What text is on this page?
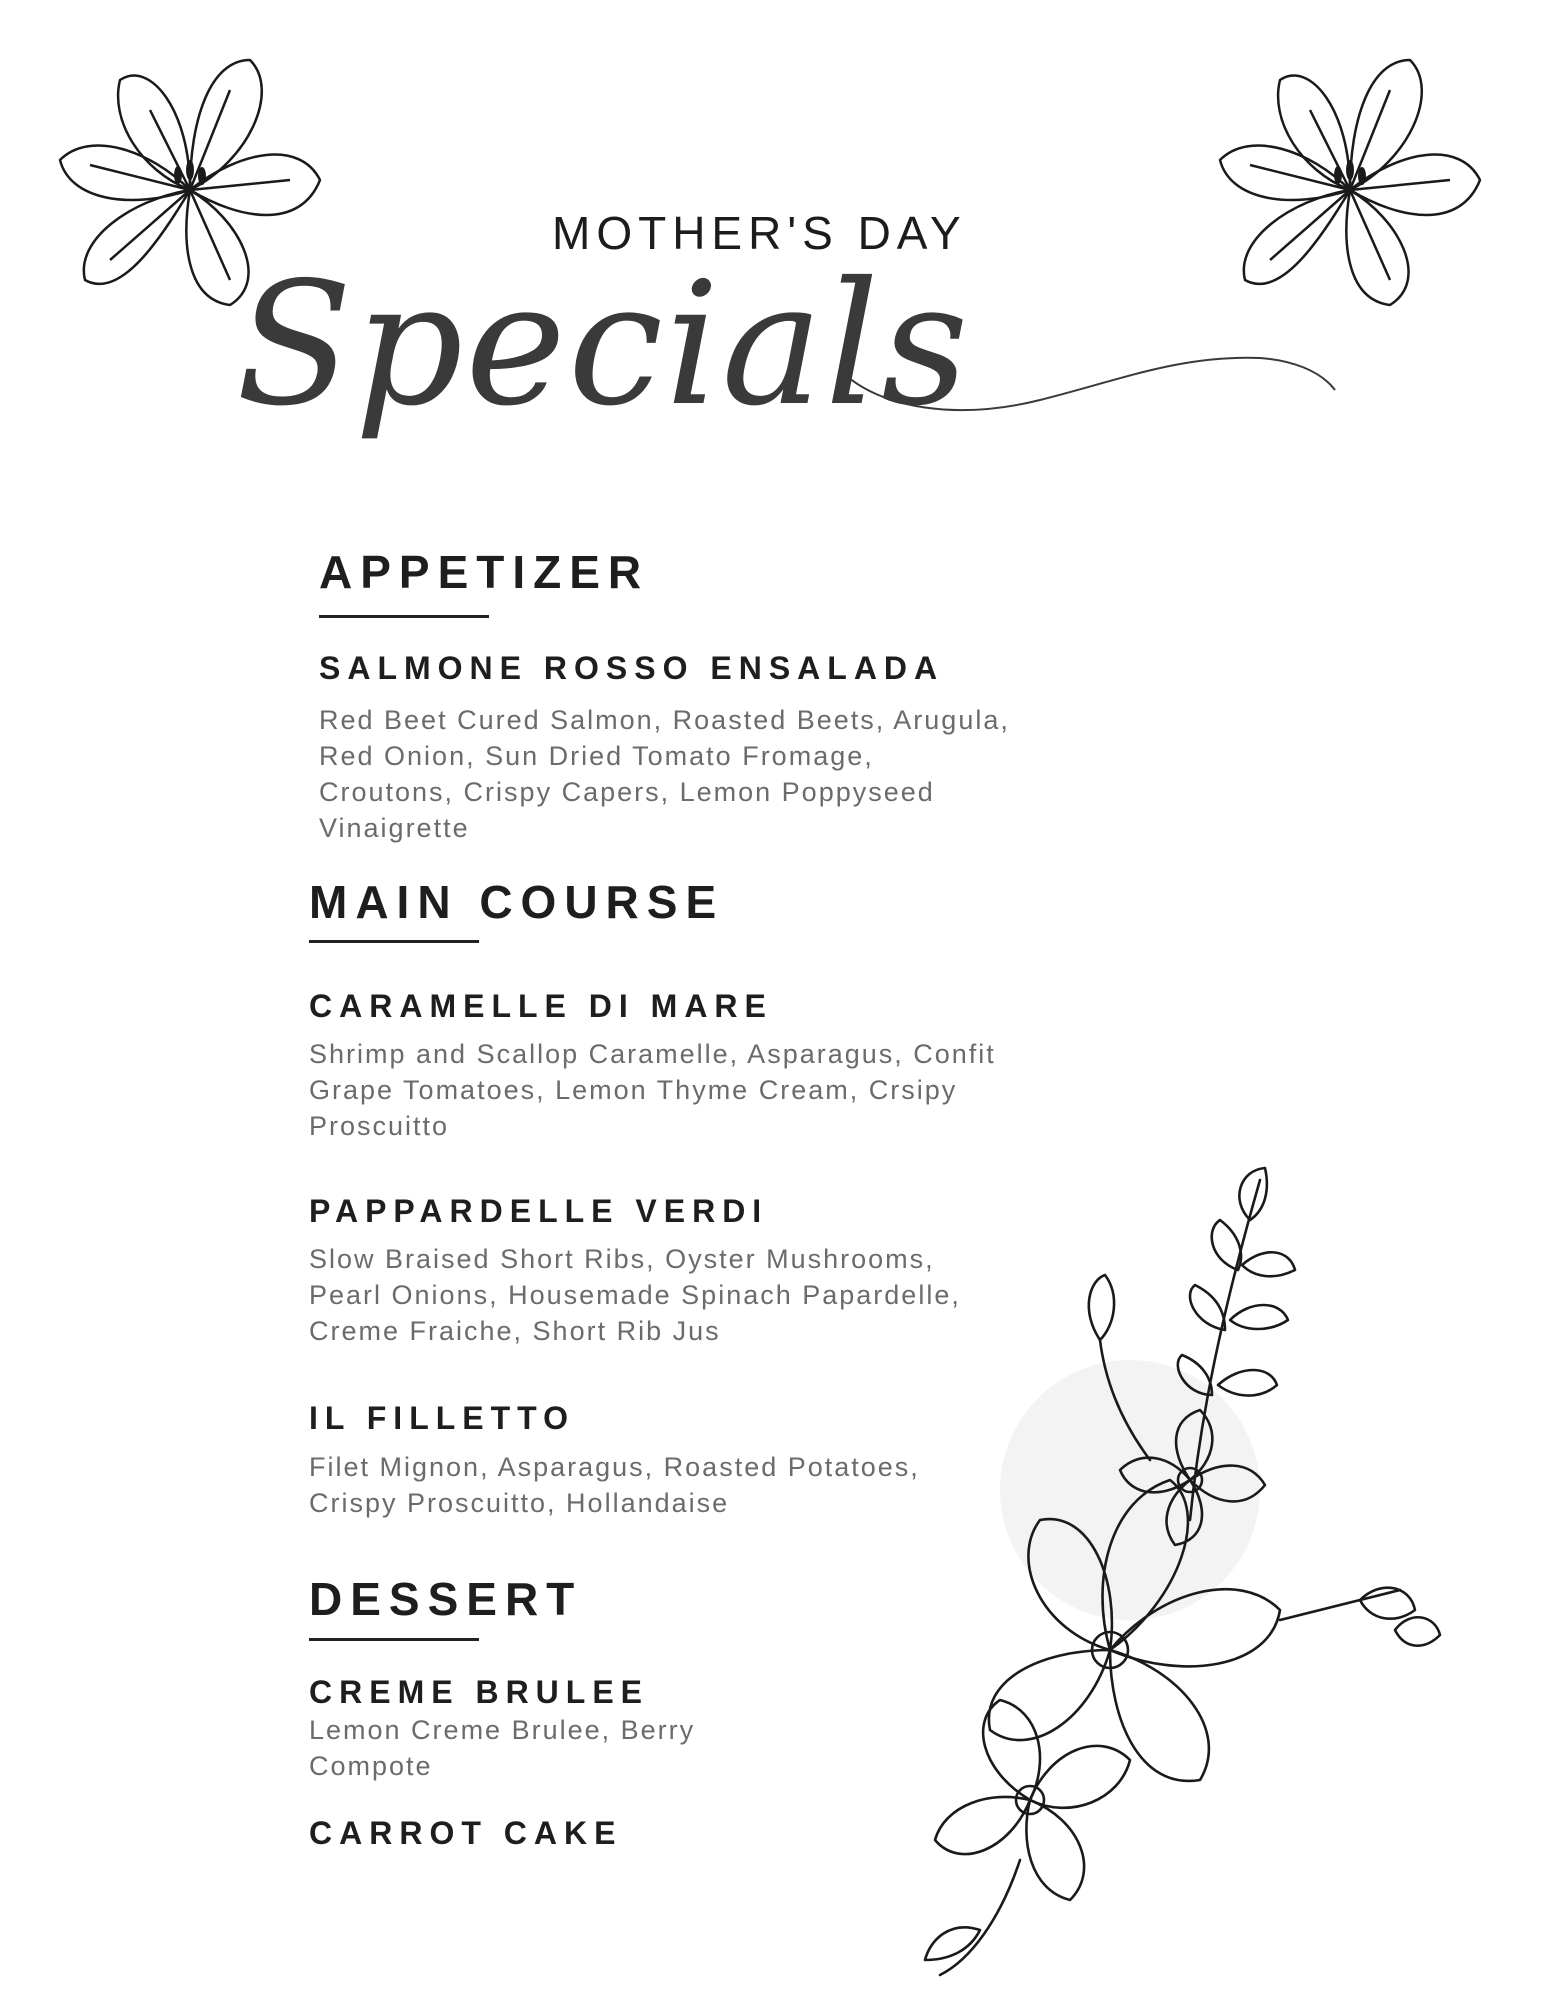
MOTHER'S DAY
Specials
APPETIZER
SALMONE ROSSO ENSALADA
Red Beet Cured Salmon, Roasted Beets, Arugula,
Red Onion, Sun Dried Tomato Fromage,
Croutons, Crispy Capers, Lemon Poppyseed
Vinaigrette
MAIN COURSE
CARAMELLE DI MARE
Shrimp and Scallop Caramelle, Asparagus, Confit
Grape Tomatoes, Lemon Thyme Cream, Crsipy
Proscuitto
PAPPARDELLE VERDI
Slow Braised Short Ribs, Oyster Mushrooms,
Pearl Onions, Housemade Spinach Papardelle,
Creme Fraiche, Short Rib Jus
IL FILLETTO
Filet Mignon, Asparagus, Roasted Potatoes,
Crispy Proscuitto, Hollandaise
DESSERT
CREME BRULEE
Lemon Creme Brulee, Berry
Compote
CARROT CAKE
